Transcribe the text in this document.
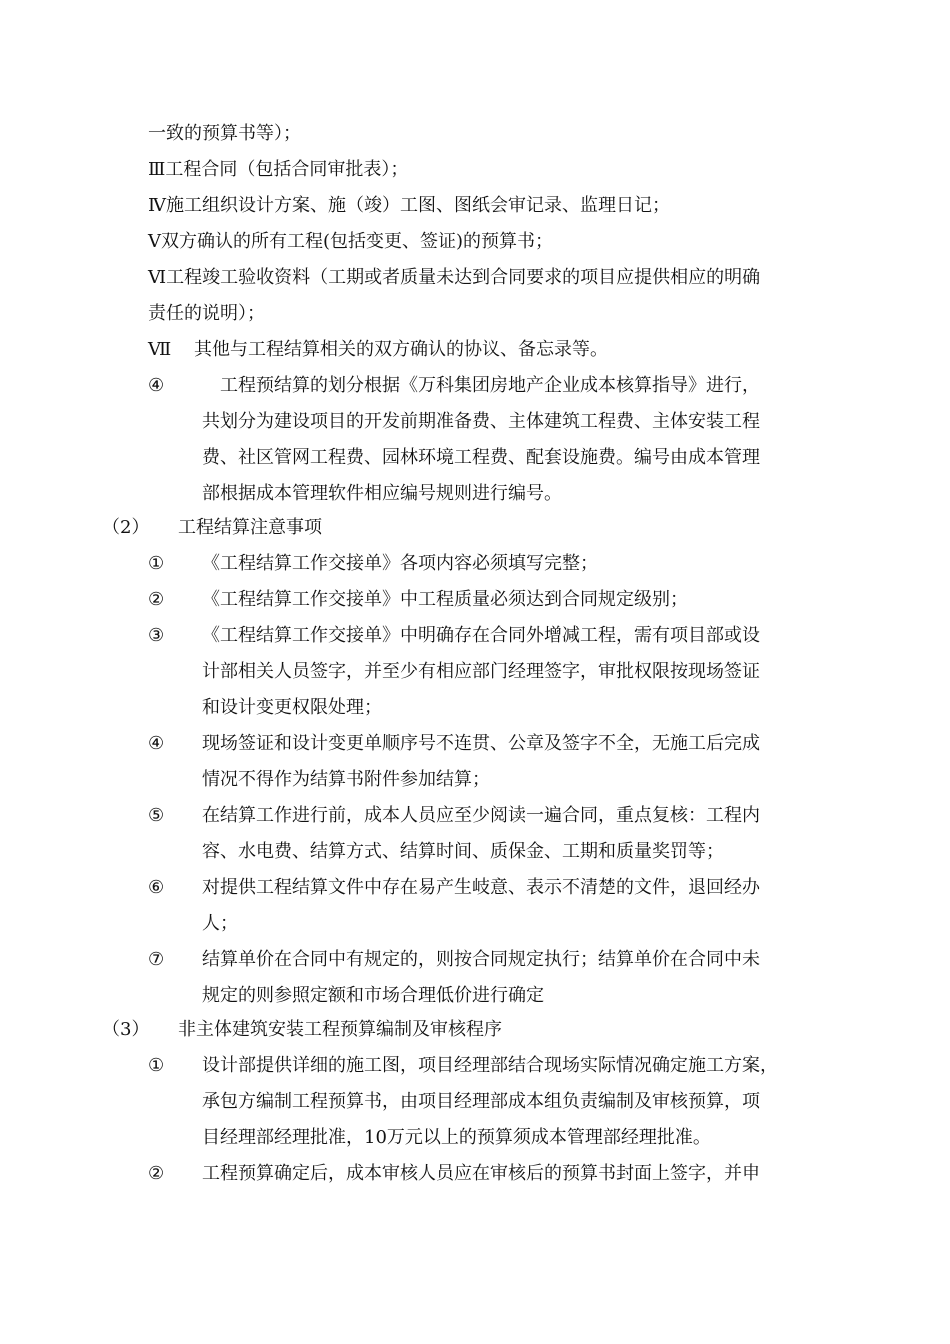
一致的预算书等）；
Ⅲ工程合同（包括合同审批表）；
Ⅳ施工组织设计方案、施（竣）工图、图纸会审记录、监理日记；
Ⅴ双方确认的所有工程(包括变更、签证)的预算书；
Ⅵ工程竣工验收资料（工期或者质量未达到合同要求的项目应提供相应的明确
责任的说明）；
Ⅶ 其他与工程结算相关的双方确认的协议、备忘录等。
④	工程预结算的划分根据《万科集团房地产企业成本核算指导》进行，
共划分为建设项目的开发前期准备费、主体建筑工程费、主体安装工程
费、社区管网工程费、园林环境工程费、配套设施费。编号由成本管理
部根据成本管理软件相应编号规则进行编号。
（2） 工程结算注意事项
① 《工程结算工作交接单》各项内容必须填写完整；
② 《工程结算工作交接单》中工程质量必须达到合同规定级别；
③ 《工程结算工作交接单》中明确存在合同外增减工程，需有项目部或设
计部相关人员签字，并至少有相应部门经理签字，审批权限按现场签证
和设计变更权限处理；
④ 现场签证和设计变更单顺序号不连贯、公章及签字不全，无施工后完成
情况不得作为结算书附件参加结算；
⑤ 在结算工作进行前，成本人员应至少阅读一遍合同，重点复核：工程内
容、水电费、结算方式、结算时间、质保金、工期和质量奖罚等；
⑥ 对提供工程结算文件中存在易产生岐意、表示不清楚的文件，退回经办
人；
⑦ 结算单价在合同中有规定的，则按合同规定执行；结算单价在合同中未
规定的则参照定额和市场合理低价进行确定
（3） 非主体建筑安装工程预算编制及审核程序
① 设计部提供详细的施工图，项目经理部结合现场实际情况确定施工方案，
承包方编制工程预算书，由项目经理部成本组负责编制及审核预算，项
目经理部经理批准，10万元以上的预算须成本管理部经理批准。
② 工程预算确定后，成本审核人员应在审核后的预算书封面上签字，并申
